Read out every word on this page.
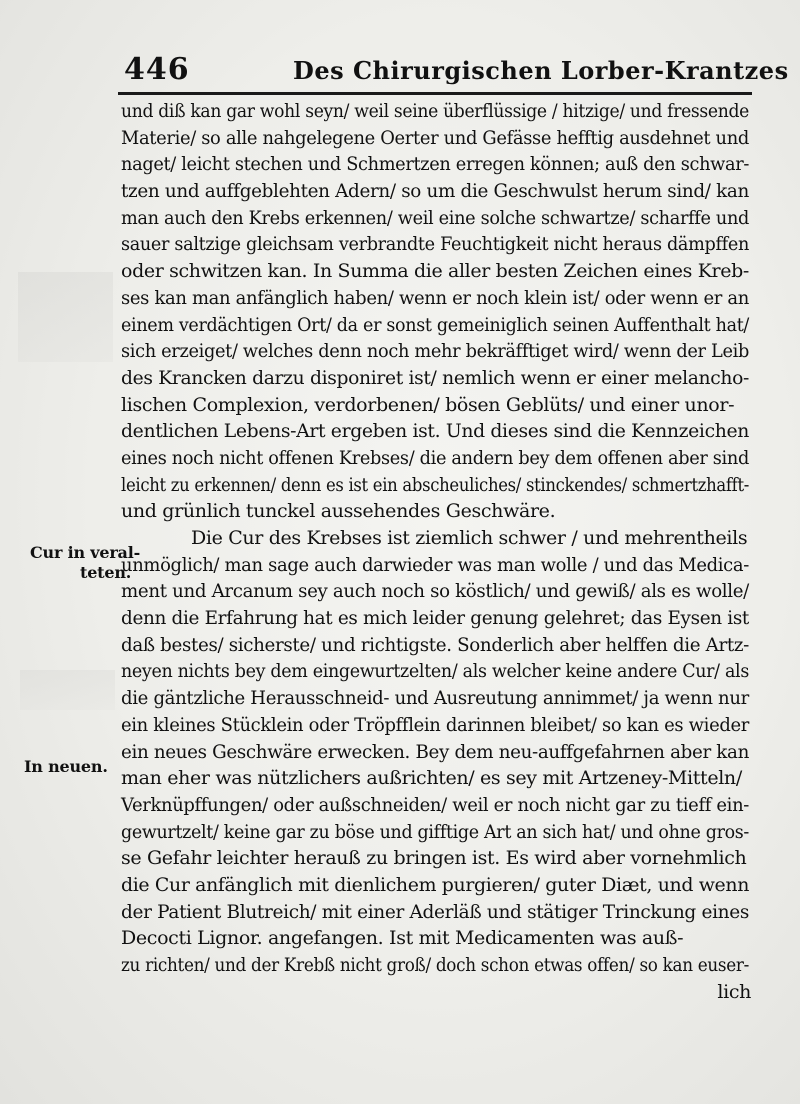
446	Des Chirurgischen Lorber-Krantzes
Cur in veral-
teten.
In neuen.
und diß kan gar wohl seyn/ weil seine überflüssige / hitzige/ und fressende
Materie/ so alle nahgelegene Oerter und Gefässe hefftig ausdehnet und
naget/ leicht stechen und Schmertzen erregen können; auß den schwar-
tzen und auffgeblehten Adern/ so um die Geschwulst herum sind/ kan
man auch den Krebs erkennen/ weil eine solche schwartze/ scharffe und
sauer saltzige gleichsam verbrandte Feuchtigkeit nicht heraus dämpffen
oder schwitzen kan. In Summa die aller besten Zeichen eines Kreb-
ses kan man anfänglich haben/ wenn er noch klein ist/ oder wenn er an
einem verdächtigen Ort/ da er sonst gemeiniglich seinen Auffenthalt hat/
sich erzeiget/ welches denn noch mehr bekräfftiget wird/ wenn der Leib
des Krancken darzu disponiret ist/ nemlich wenn er einer melancho-
lischen Complexion, verdorbenen/ bösen Geblüts/ und einer unor-
dentlichen Lebens-Art ergeben ist. Und dieses sind die Kennzeichen
eines noch nicht offenen Krebses/ die andern bey dem offenen aber sind
leicht zu erkennen/ denn es ist ein abscheuliches/ stinckendes/ schmertzhafft-
und grünlich tunckel aussehendes Geschwäre.
Die Cur des Krebses ist ziemlich schwer / und mehrentheils
unmöglich/ man sage auch darwieder was man wolle / und das Medica-
ment und Arcanum sey auch noch so köstlich/ und gewiß/ als es wolle/
denn die Erfahrung hat es mich leider genung gelehret; das Eysen ist
daß bestes/ sicherste/ und richtigste. Sonderlich aber helffen die Artz-
neyen nichts bey dem eingewurtzelten/ als welcher keine andere Cur/ als
die gäntzliche Herausschneid- und Ausreutung annimmet/ ja wenn nur
ein kleines Stücklein oder Tröpfflein darinnen bleibet/ so kan es wieder
ein neues Geschwäre erwecken. Bey dem neu-auffgefahrnen aber kan
man eher was nützlichers außrichten/ es sey mit Artzeney-Mitteln/
Verknüpffungen/ oder außschneiden/ weil er noch nicht gar zu tieff ein-
gewurtzelt/ keine gar zu böse und gifftige Art an sich hat/ und ohne gros-
se Gefahr leichter herauß zu bringen ist. Es wird aber vornehmlich
die Cur anfänglich mit dienlichem purgieren/ guter Diæt, und wenn
der Patient Blutreich/ mit einer Aderläß und stätiger Trinckung eines
Decocti Lignor. angefangen. Ist mit Medicamenten was auß-
zu richten/ und der Krebß nicht groß/ doch schon etwas offen/ so kan euser-
lich
